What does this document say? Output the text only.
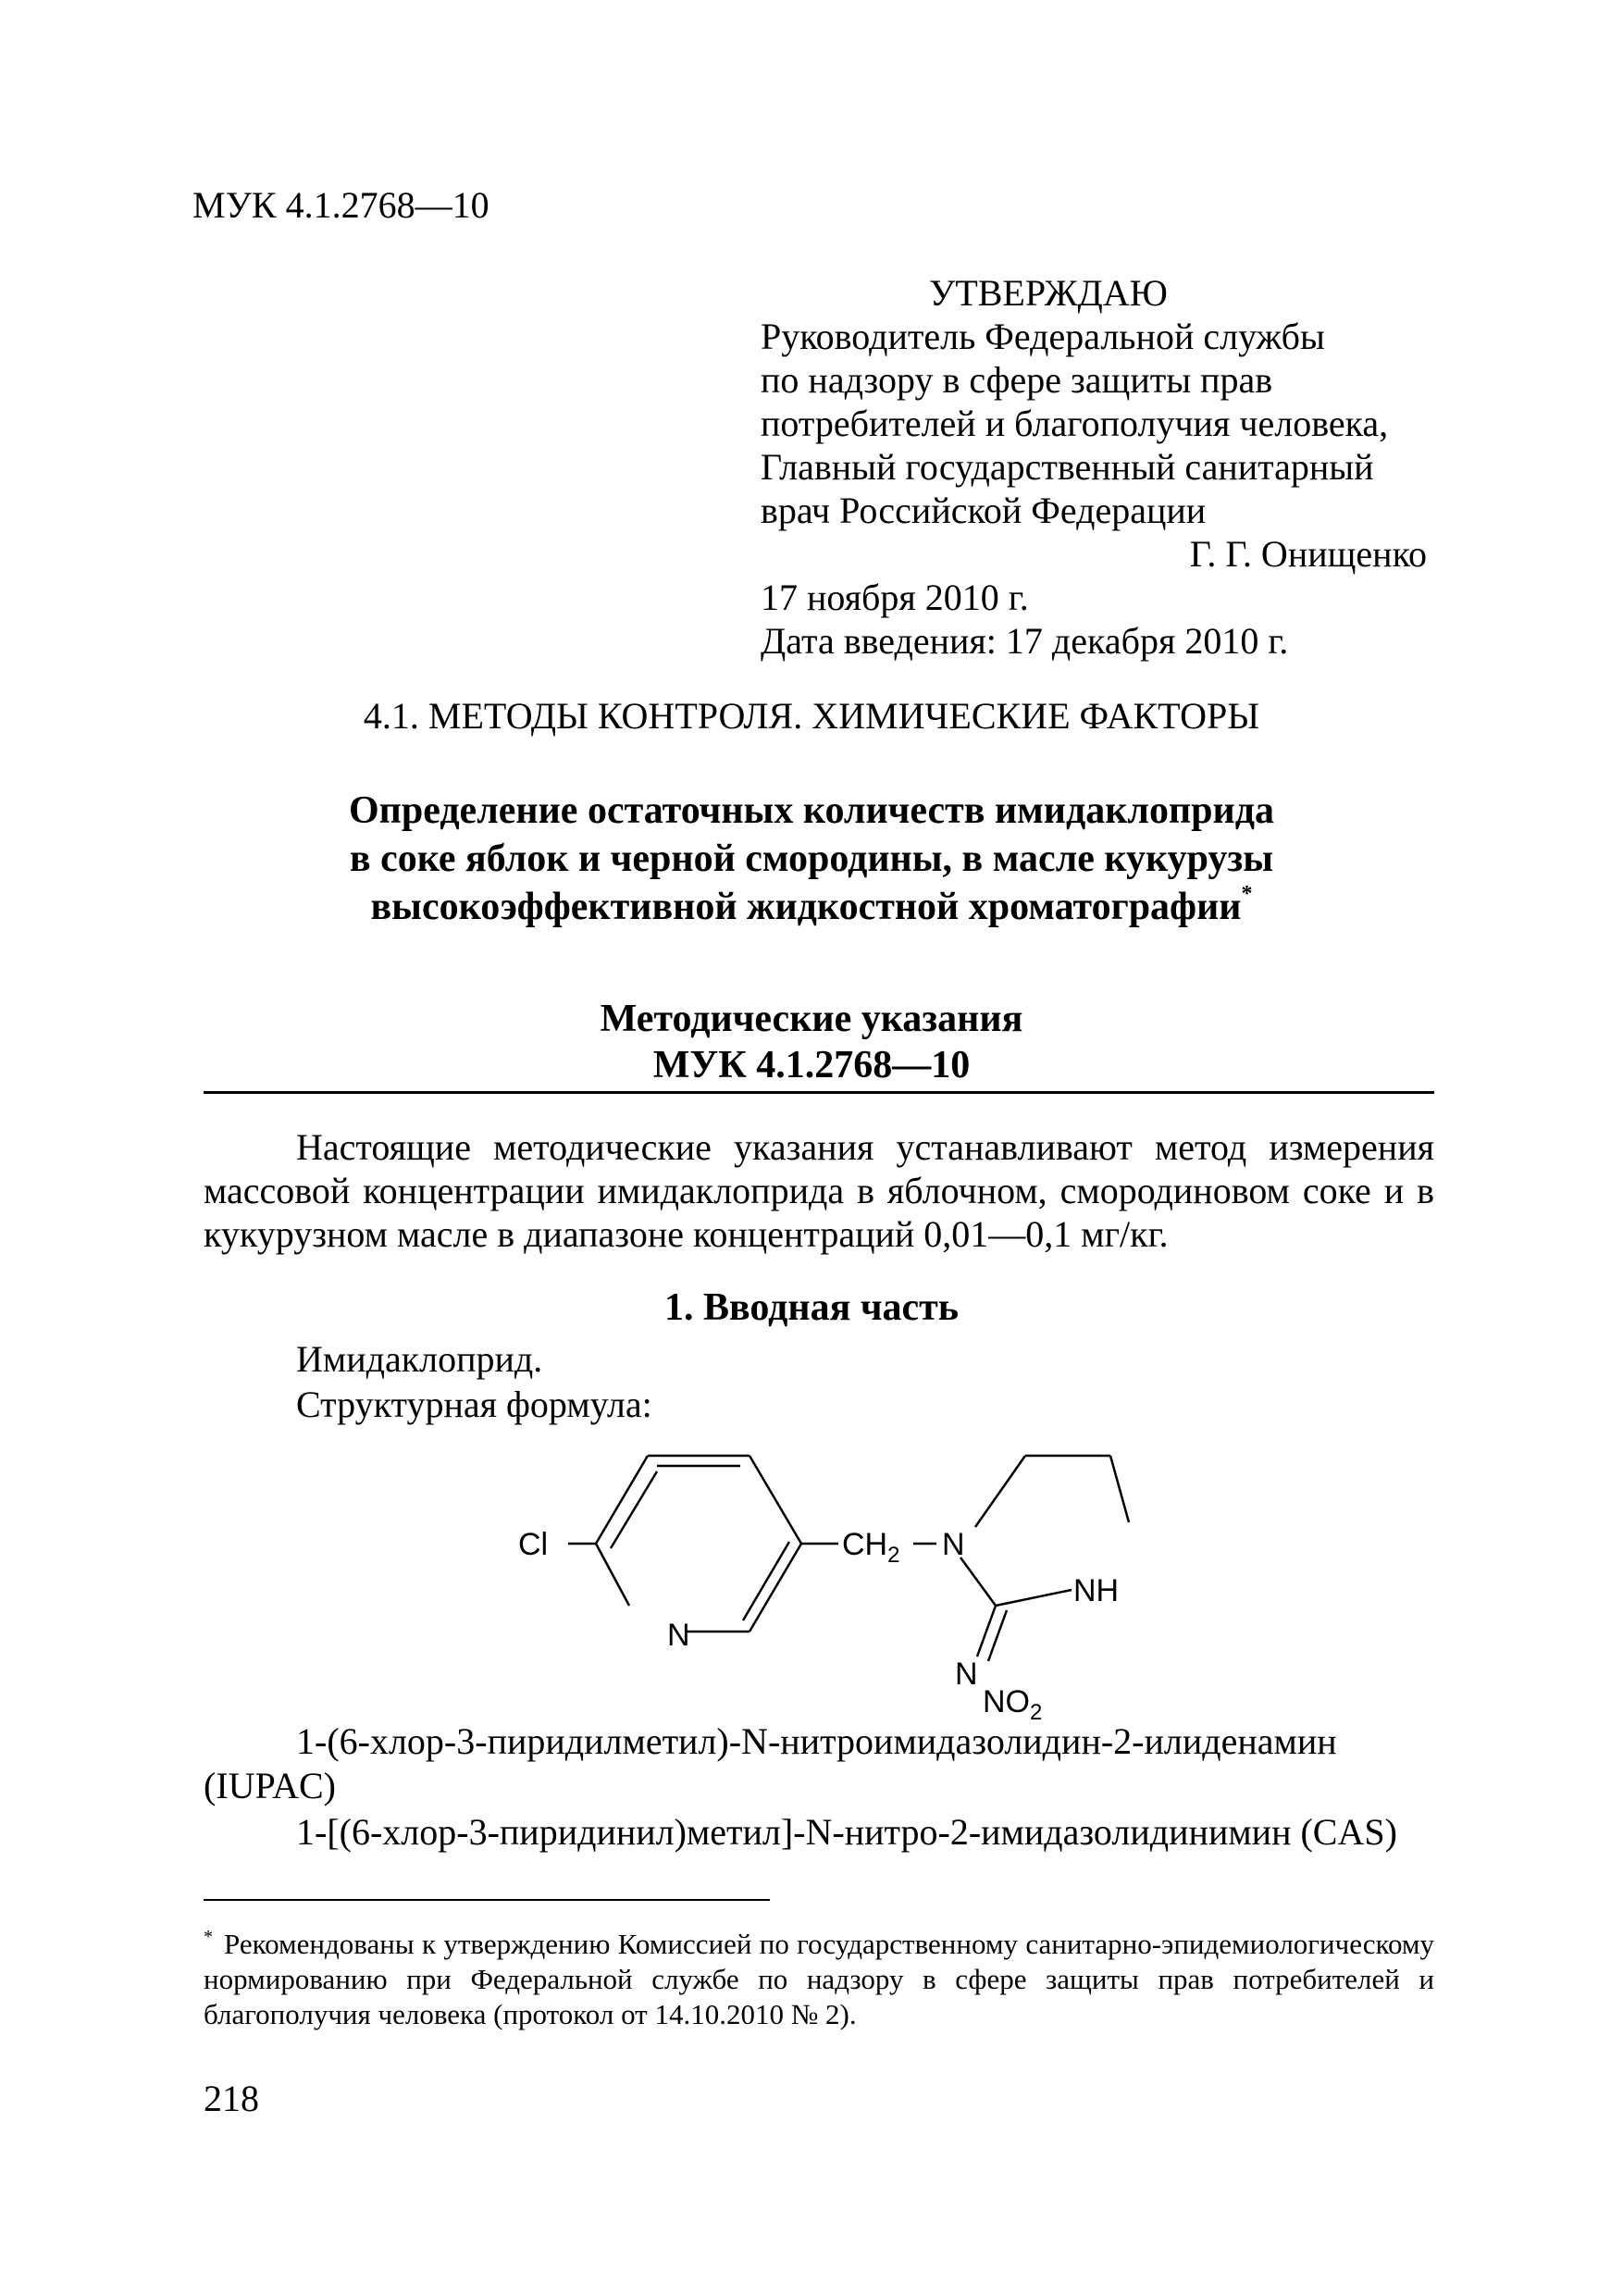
МУК 4.1.2768—10
УТВЕРЖДАЮ
Руководитель Федеральной службы
по надзору в сфере защиты прав
потребителей и благополучия человека,
Главный государственный санитарный
врач Российской Федерации
Г. Г. Онищенко
17 ноября 2010 г.
Дата введения: 17 декабря 2010 г.
4.1. МЕТОДЫ КОНТРОЛЯ. ХИМИЧЕСКИЕ ФАКТОРЫ
Определение остаточных количеств имидаклоприда
в соке яблок и черной смородины, в масле кукурузы
высокоэффективной жидкостной хроматографии*
Методические указания
МУК 4.1.2768—10
Настоящие методические указания устанавливают метод измерения массовой концентрации имидаклоприда в яблочном, смородиновом соке и в кукурузном масле в диапазоне концентраций 0,01—0,1 мг/кг.
1. Вводная часть
Имидаклоприд.
Структурная формула:
Cl
N
$CH_2$ N
NH
N
$NO_2$
1-(6-хлор-3-пиридилметил)-N-нитроимидазолидин-2-илиденамин
(IUPAC)
1-[(6-хлор-3-пиридинил)метил]-N-нитро-2-имидазолидинимин (CAS)
* Рекомендованы к утверждению Комиссией по государственному санитарно-эпидемиологическому нормированию при Федеральной службе по надзору в сфере защиты прав потребителей и благополучия человека (протокол от 14.10.2010 № 2).
218
